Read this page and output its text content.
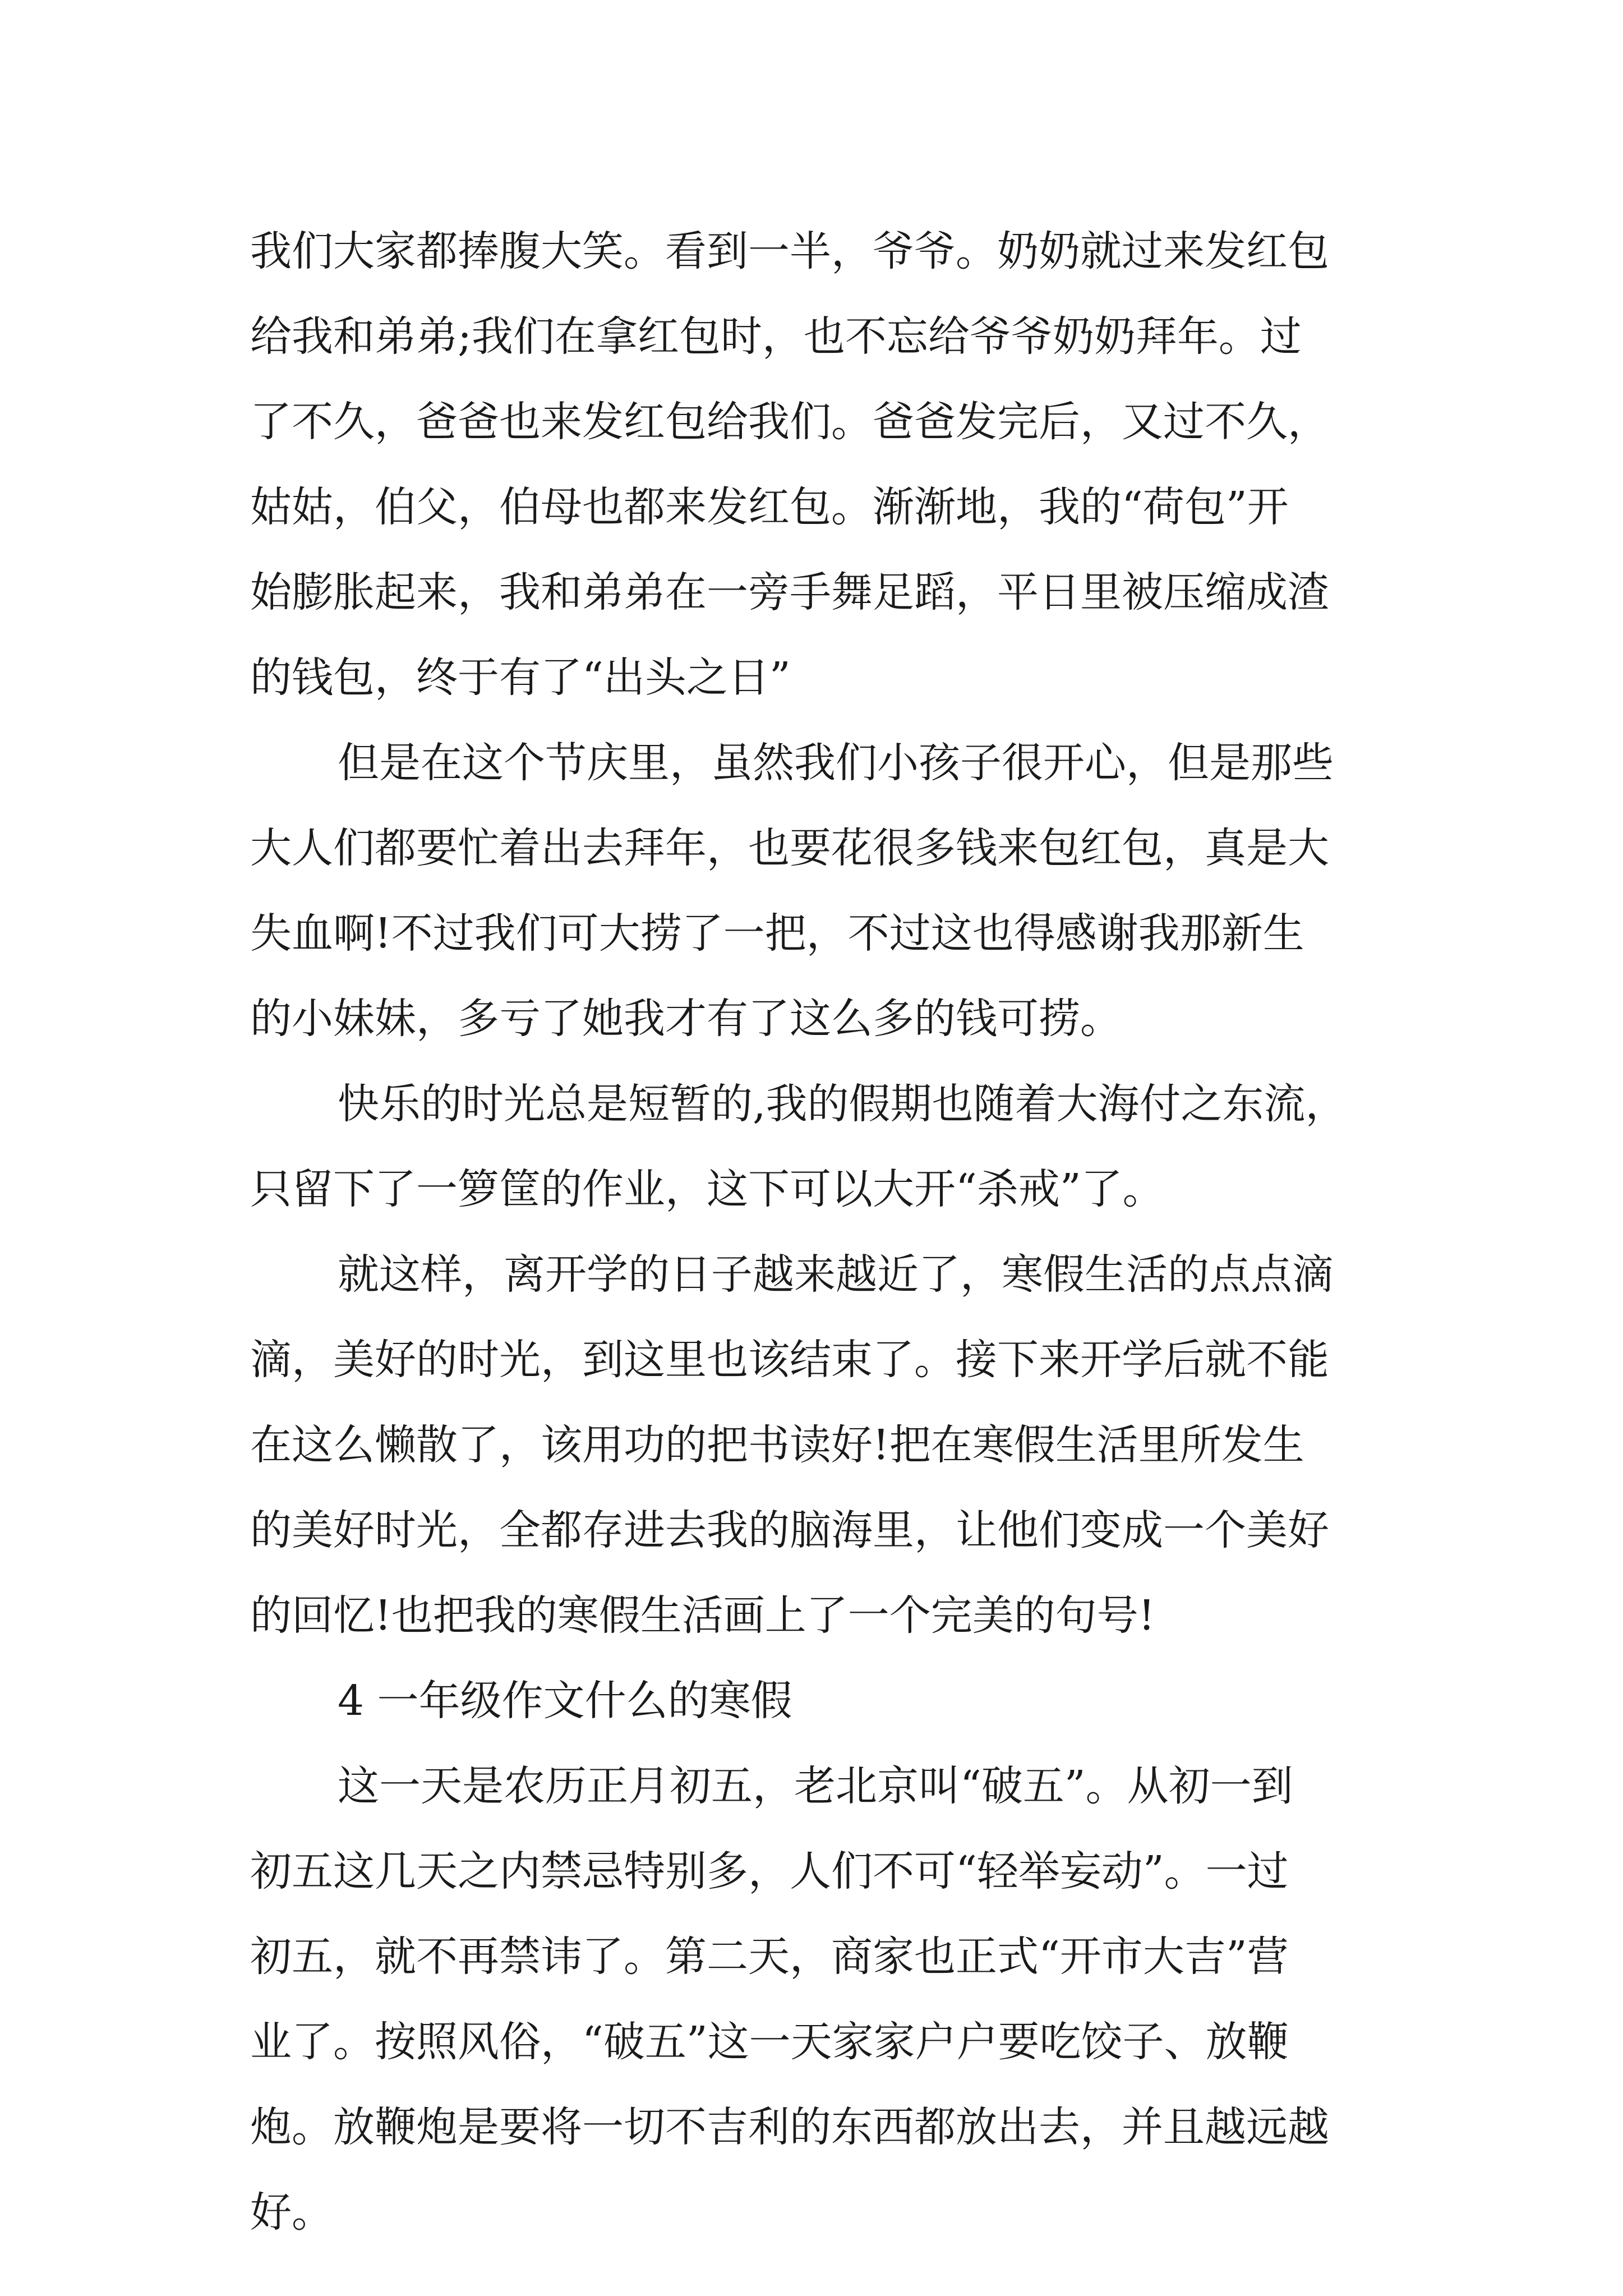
我们大家都捧腹大笑。看到一半，爷爷。奶奶就过来发红包
给我和弟弟;我们在拿红包时，也不忘给爷爷奶奶拜年。过
了不久，爸爸也来发红包给我们。爸爸发完后，又过不久，
姑姑，伯父，伯母也都来发红包。渐渐地，我的“荷包”开
始膨胀起来，我和弟弟在一旁手舞足蹈，平日里被压缩成渣
的钱包，终于有了“出头之日”
但是在这个节庆里，虽然我们小孩子很开心，但是那些
大人们都要忙着出去拜年，也要花很多钱来包红包，真是大
失血啊!不过我们可大捞了一把，不过这也得感谢我那新生
的小妹妹，多亏了她我才有了这么多的钱可捞。
快乐的时光总是短暂的,我的假期也随着大海付之东流，
只留下了一箩筐的作业，这下可以大开“杀戒”了。
就这样，离开学的日子越来越近了，寒假生活的点点滴
滴，美好的时光，到这里也该结束了。接下来开学后就不能
在这么懒散了，该用功的把书读好!把在寒假生活里所发生
的美好时光，全都存进去我的脑海里，让他们变成一个美好
的回忆!也把我的寒假生活画上了一个完美的句号!
4 一年级作文什么的寒假
这一天是农历正月初五，老北京叫“破五”。从初一到
初五这几天之内禁忌特别多，人们不可“轻举妄动”。一过
初五，就不再禁讳了。第二天，商家也正式“开市大吉”营
业了。按照风俗，“破五”这一天家家户户要吃饺子、放鞭
炮。放鞭炮是要将一切不吉利的东西都放出去，并且越远越
好。
